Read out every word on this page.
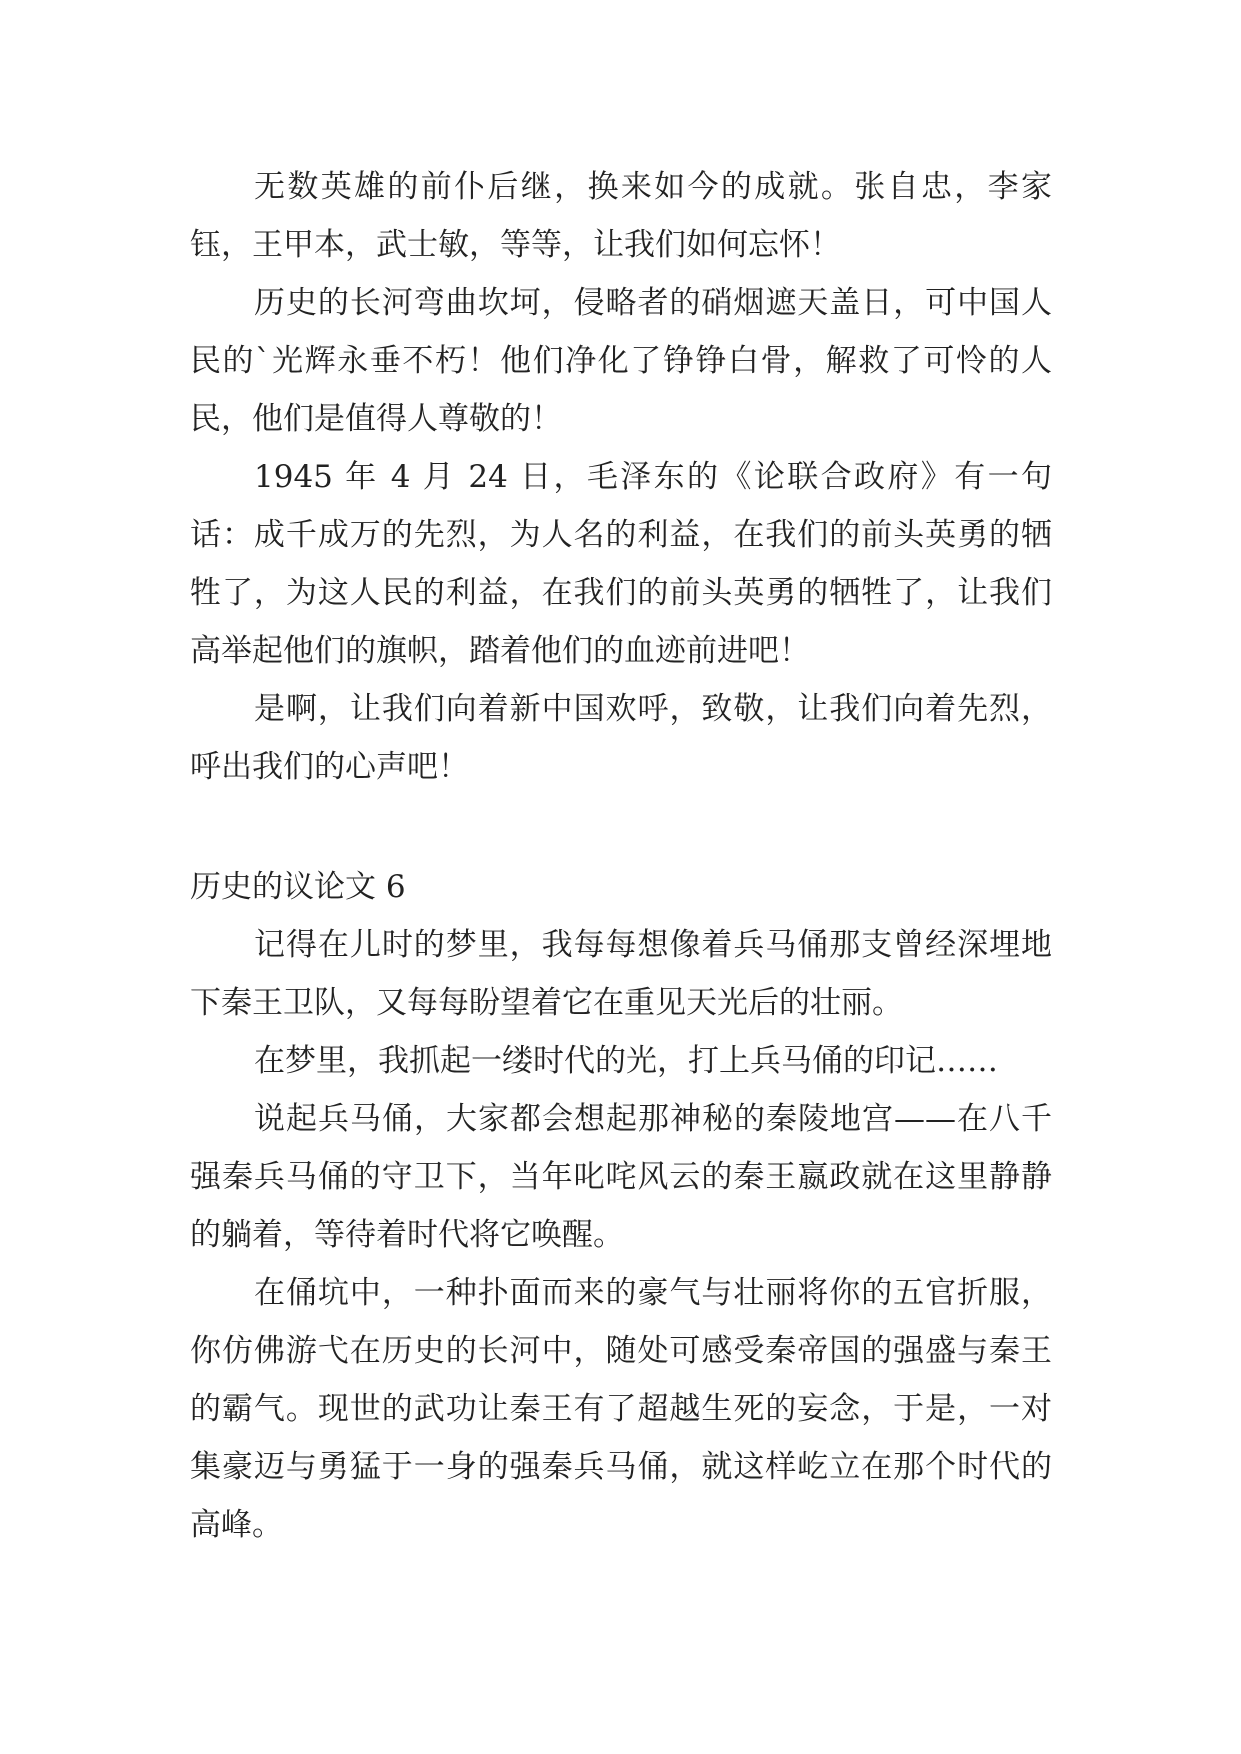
无数英雄的前仆后继，换来如今的成就。张自忠，李家钰，王甲本，武士敏，等等，让我们如何忘怀！

历史的长河弯曲坎坷，侵略者的硝烟遮天盖日，可中国人民的`光辉永垂不朽！他们净化了铮铮白骨，解救了可怜的人民，他们是值得人尊敬的！

1945 年 4 月 24 日，毛泽东的《论联合政府》有一句话：成千成万的先烈，为人名的利益，在我们的前头英勇的牺牲了，为这人民的利益，在我们的前头英勇的牺牲了，让我们高举起他们的旗帜，踏着他们的血迹前进吧！

是啊，让我们向着新中国欢呼，致敬，让我们向着先烈，呼出我们的心声吧！

历史的议论文 6

记得在儿时的梦里，我每每想像着兵马俑那支曾经深埋地下秦王卫队，又每每盼望着它在重见天光后的壮丽。

在梦里，我抓起一缕时代的光，打上兵马俑的印记……

说起兵马俑，大家都会想起那神秘的秦陵地宫——在八千强秦兵马俑的守卫下，当年叱咤风云的秦王嬴政就在这里静静的躺着，等待着时代将它唤醒。

在俑坑中，一种扑面而来的豪气与壮丽将你的五官折服，你仿佛游弋在历史的长河中，随处可感受秦帝国的强盛与秦王的霸气。现世的武功让秦王有了超越生死的妄念，于是，一对集豪迈与勇猛于一身的强秦兵马俑，就这样屹立在那个时代的高峰。
